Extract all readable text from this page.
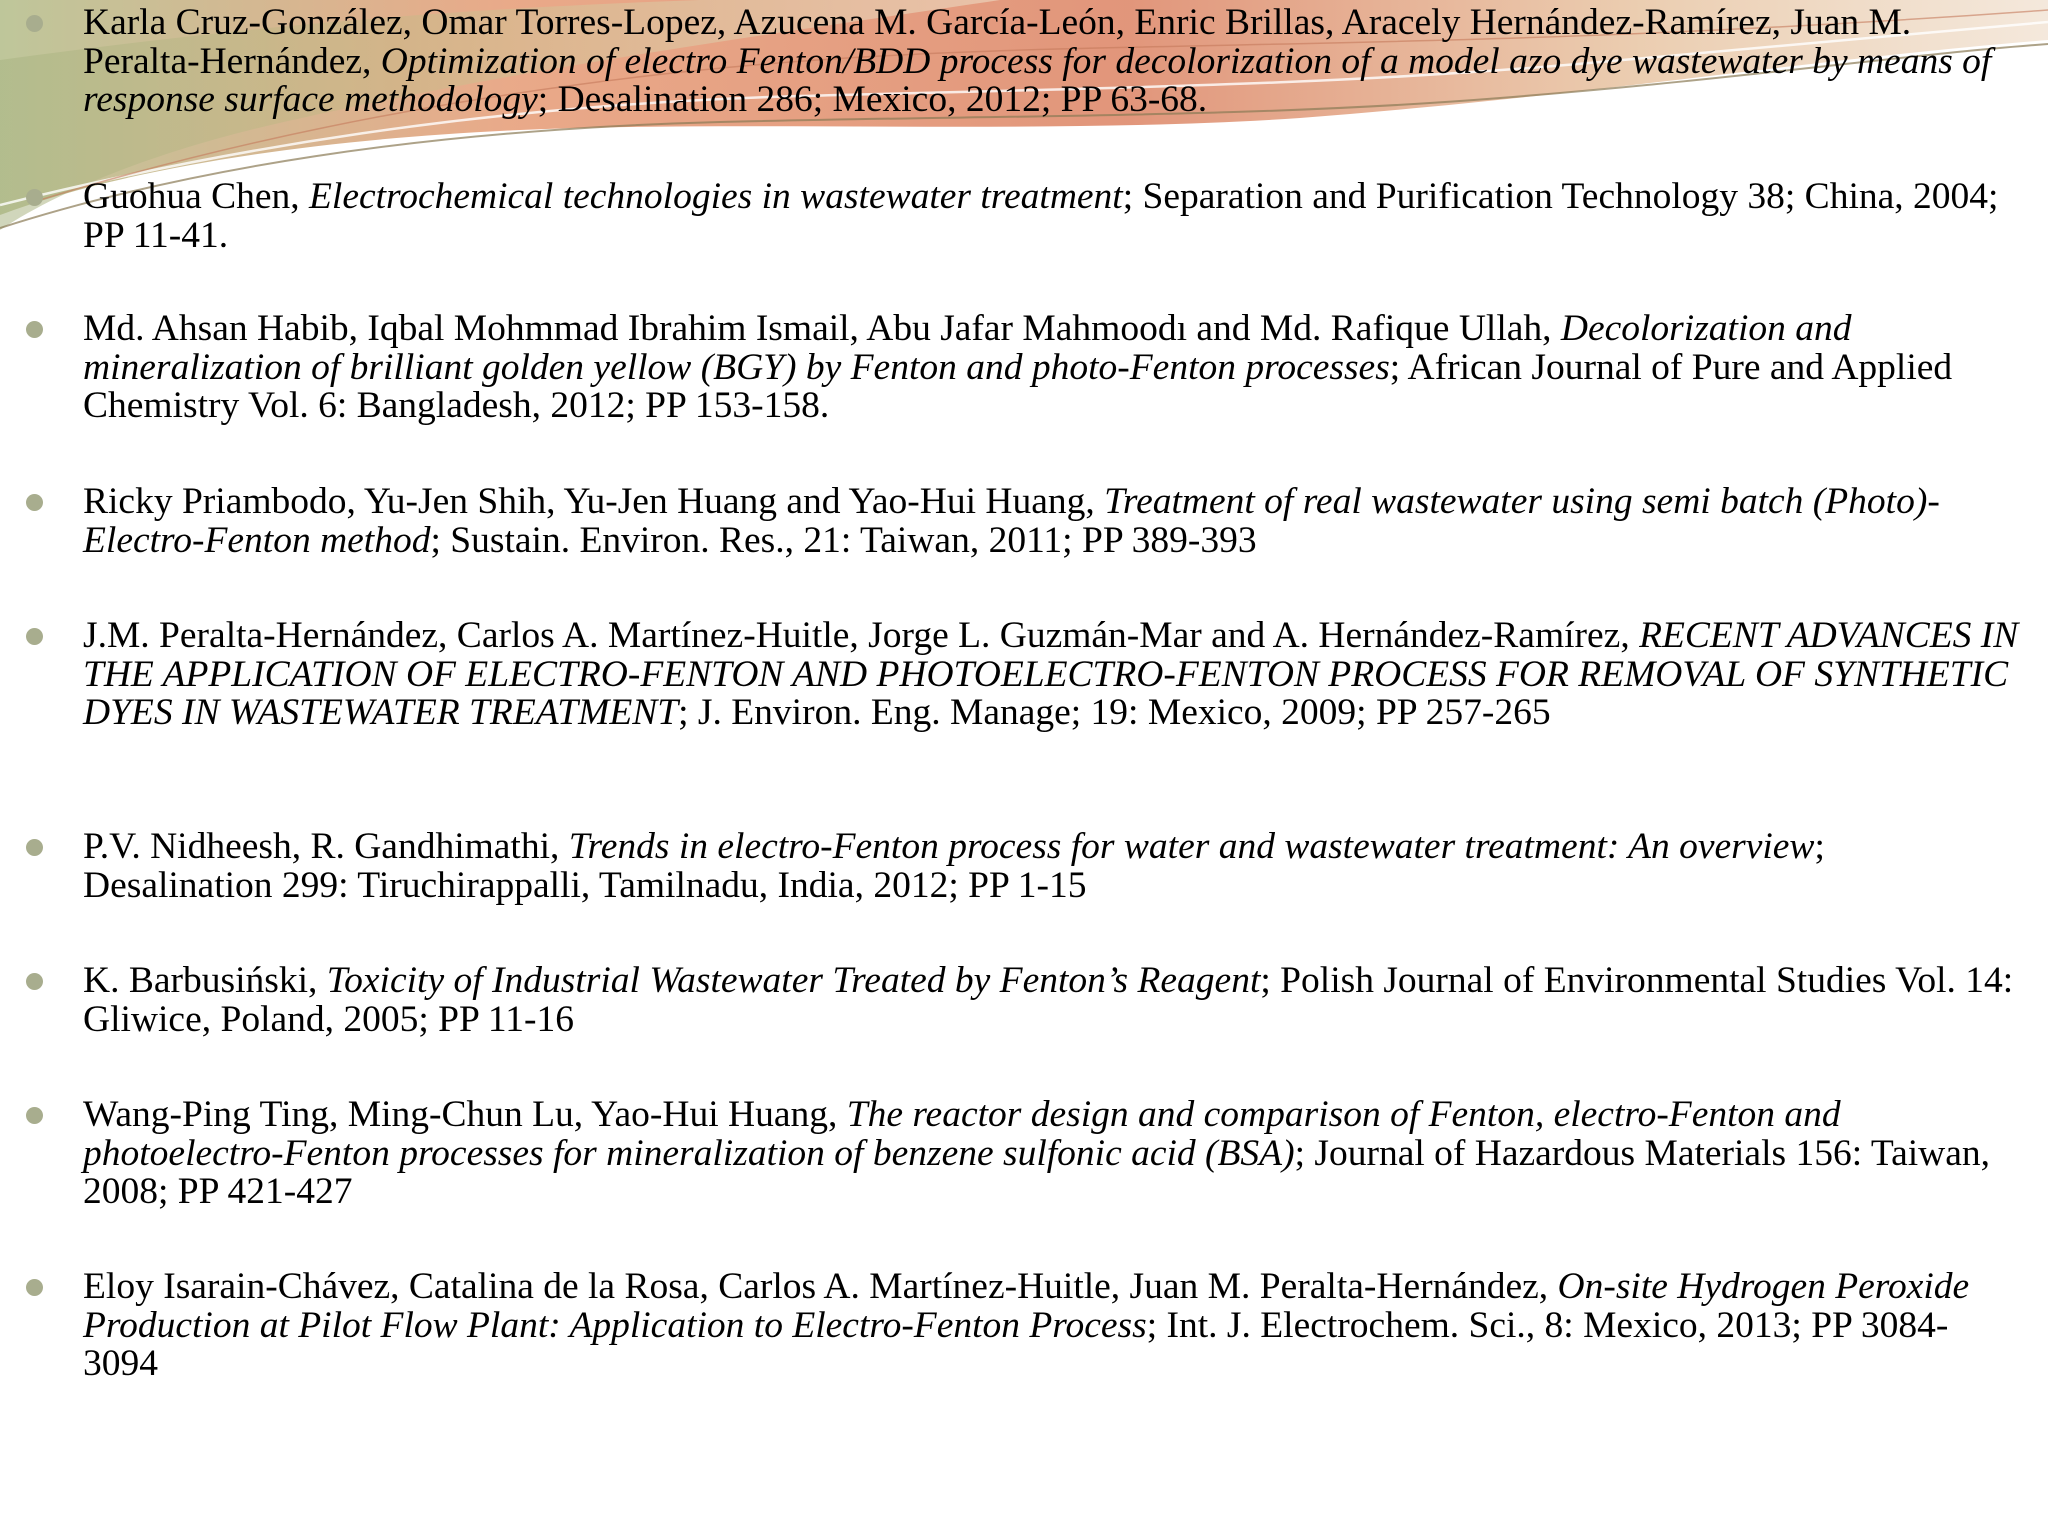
Karla Cruz-González, Omar Torres-Lopez, Azucena M. García-León, Enric Brillas, Aracely Hernández-Ramírez, Juan M. Peralta-Hernández, Optimization of electro Fenton/BDD process for decolorization of a model azo dye wastewater by means of response surface methodology; Desalination 286; Mexico, 2012; PP 63-68.
Guohua Chen, Electrochemical technologies in wastewater treatment; Separation and Purification Technology 38; China, 2004; PP 11-41.
Md. Ahsan Habib, Iqbal Mohmmad Ibrahim Ismail, Abu Jafar Mahmoodı and Md. Rafique Ullah, Decolorization and mineralization of brilliant golden yellow (BGY) by Fenton and photo-Fenton processes; African Journal of Pure and Applied Chemistry Vol. 6: Bangladesh, 2012; PP 153-158.
Ricky Priambodo, Yu-Jen Shih, Yu-Jen Huang and Yao-Hui Huang, Treatment of real wastewater using semi batch (Photo)-Electro-Fenton method; Sustain. Environ. Res., 21: Taiwan, 2011; PP 389-393
J.M. Peralta-Hernández, Carlos A. Martínez-Huitle, Jorge L. Guzmán-Mar and A. Hernández-Ramírez, RECENT ADVANCES IN THE APPLICATION OF ELECTRO-FENTON AND PHOTOELECTRO-FENTON PROCESS FOR REMOVAL OF SYNTHETIC DYES IN WASTEWATER TREATMENT; J. Environ. Eng. Manage; 19: Mexico, 2009; PP 257-265
P.V. Nidheesh, R. Gandhimathi, Trends in electro-Fenton process for water and wastewater treatment: An overview; Desalination 299: Tiruchirappalli, Tamilnadu, India, 2012; PP 1-15
K. Barbusiński, Toxicity of Industrial Wastewater Treated by Fenton’s Reagent; Polish Journal of Environmental Studies Vol. 14: Gliwice, Poland, 2005; PP 11-16
Wang-Ping Ting, Ming-Chun Lu, Yao-Hui Huang, The reactor design and comparison of Fenton, electro-Fenton and photoelectro-Fenton processes for mineralization of benzene sulfonic acid (BSA); Journal of Hazardous Materials 156: Taiwan, 2008; PP 421-427
Eloy Isarain-Chávez, Catalina de la Rosa, Carlos A. Martínez-Huitle, Juan M. Peralta-Hernández, On-site Hydrogen Peroxide Production at Pilot Flow Plant: Application to Electro-Fenton Process; Int. J. Electrochem. Sci., 8: Mexico, 2013; PP 3084-3094
